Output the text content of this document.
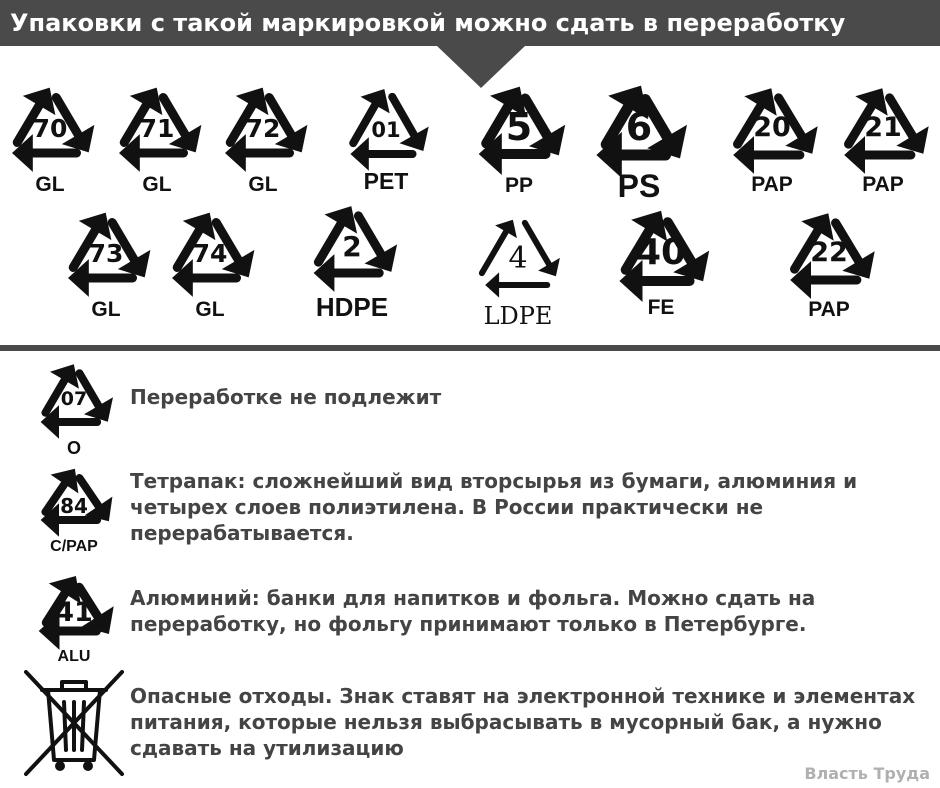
Упаковки с такой маркировкой можно сдать в переработку
70
GL
71
GL
72
GL
01
PET
5
PP
6
PS
20
PAP
21
PAP
73
GL
74
GL
2
HDPE
4
LDPE
40
FE
22
PAP
07
O
Переработке не подлежит
84
C/PAP
Тетрапак: сложнейший вид вторсырья из бумаги, алюминия и четырех слоев полиэтилена. В России практически не перерабатывается.
41
ALU
Алюминий: банки для напитков и фольга. Можно сдать на переработку, но фольгу принимают только в Петербурге.
Опасные отходы. Знак ставят на электронной технике и элементах питания, которые нельзя выбрасывать в мусорный бак, а нужно сдавать на утилизацию
Власть Труда
